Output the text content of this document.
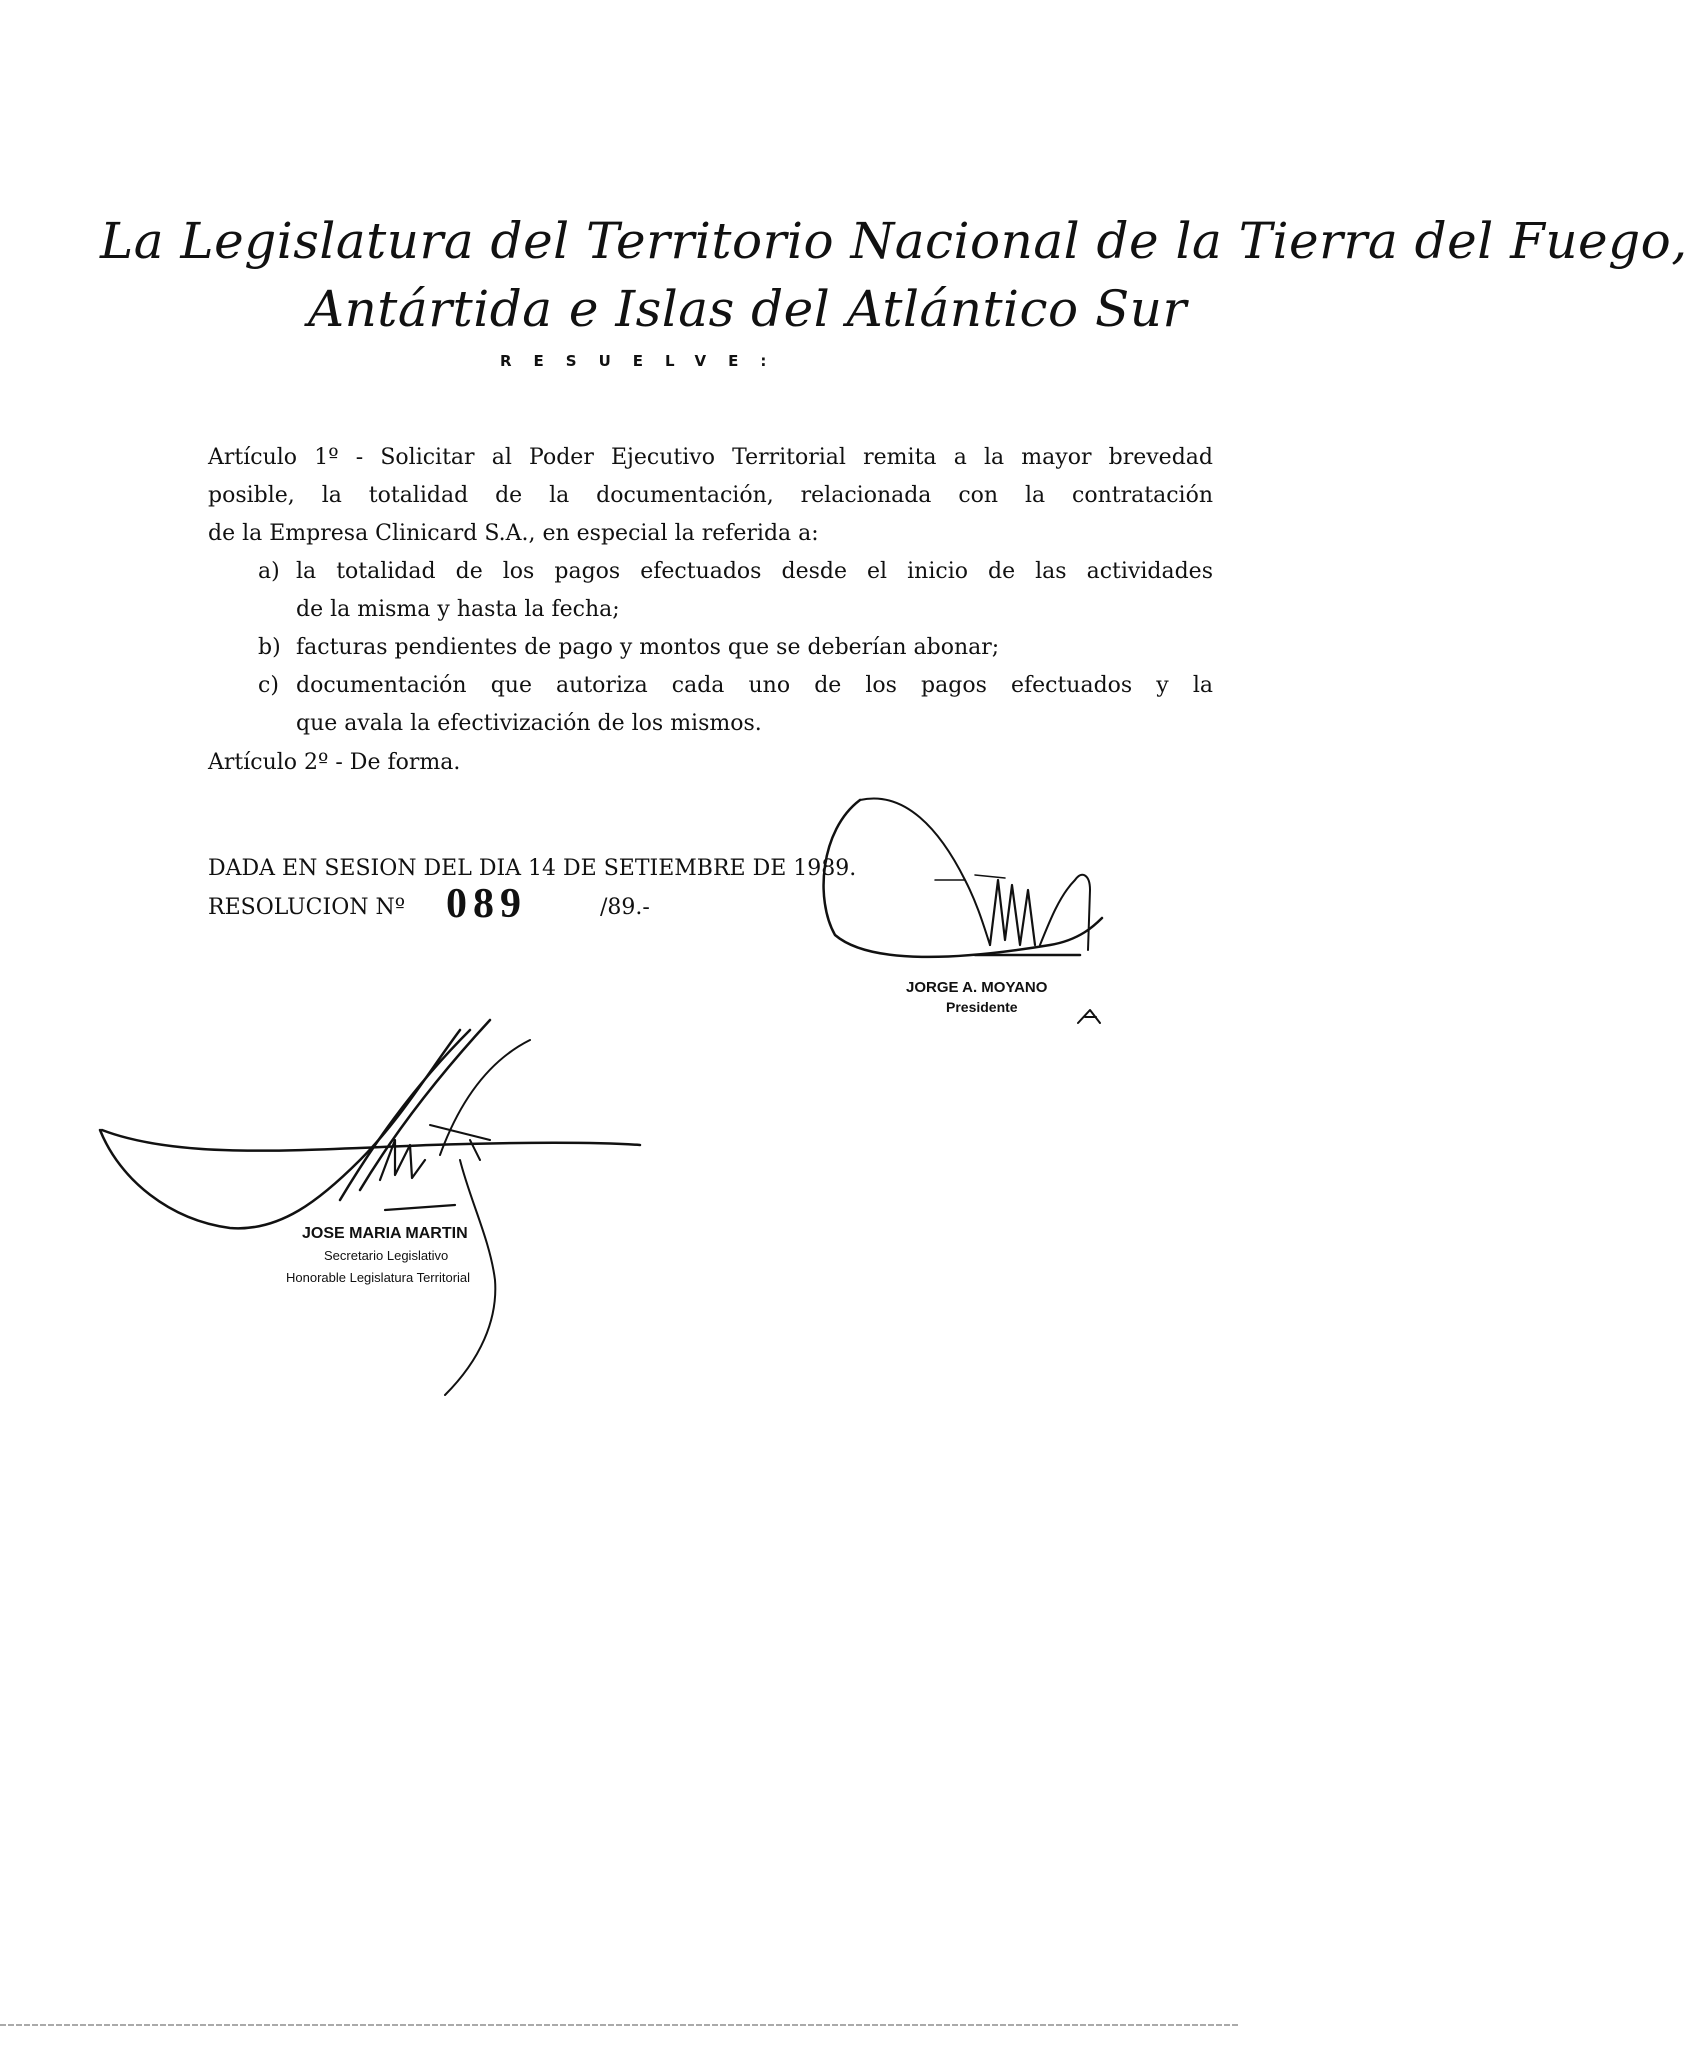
La Legislatura del Territorio Nacional de la Tierra del Fuego,
Antártida e Islas del Atlántico Sur
RESUELVE:
Artículo 1º - Solicitar al Poder Ejecutivo Territorial remita a la mayor brevedad
posible, la totalidad de la documentación, relacionada con la contratación
de la Empresa Clinicard S.A., en especial la referida a:
a) la totalidad de los pagos efectuados desde el inicio de las actividades
de la misma y hasta la fecha;
b) facturas pendientes de pago y montos que se deberían abonar;
c) documentación que autoriza cada uno de los pagos efectuados y la
que avala la efectivización de los mismos.
Artículo 2º - De forma.
DADA EN SESION DEL DIA 14 DE SETIEMBRE DE 1989.
RESOLUCION Nº 089	/89.-
JORGE A. MOYANO
Presidente
JOSE MARIA MARTIN
Secretario Legislativo
Honorable Legislatura Territorial
